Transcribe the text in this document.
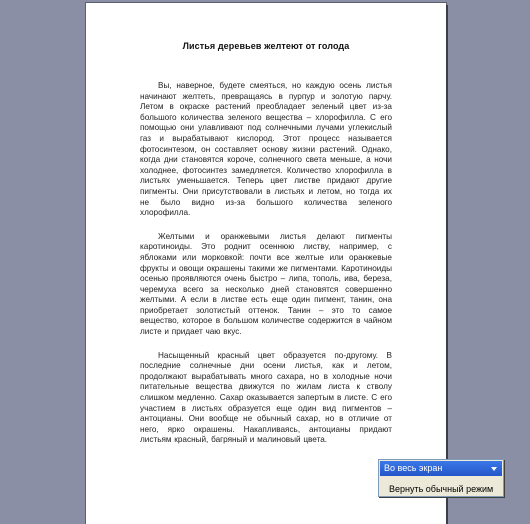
Листья деревьев желтеют от голода

Вы, наверное, будете смеяться, но каждую осень листья начинают желтеть, превращаясь в пурпур и золотую парчу. Летом в окраске растений преобладает зеленый цвет из-за большого количества зеленого вещества – хлорофилла. С его помощью они улавливают под солнечными лучами углекислый газ и вырабатывают кислород. Этот процесс называется фотосинтезом, он составляет основу жизни растений. Однако, когда дни становятся короче, солнечного света меньше, а ночи холоднее, фотосинтез замедляется. Количество хлорофилла в листьях уменьшается. Теперь цвет листве придают другие пигменты. Они присутствовали в листьях и летом, но тогда их не было видно из-за большого количества зеленого хлорофилла.

Желтыми и оранжевыми листья делают пигменты каротиноиды. Это роднит осеннюю листву, например, с яблоками или морковкой: почти все желтые или оранжевые фрукты и овощи окрашены такими же пигментами. Каротиноиды осенью проявляются очень быстро – липа, тополь, ива, береза, черемуха всего за несколько дней становятся совершенно желтыми. А если в листве есть еще один пигмент, танин, она приобретает золотистый оттенок. Танин – это то самое вещество, которое в большом количестве содержится в чайном листе и придает чаю вкус.

Насыщенный красный цвет образуется по-другому. В последние солнечные дни осени листья, как и летом, продолжают вырабатывать много сахара, но в холодные ночи питательные вещества движутся по жилам листа к стволу слишком медленно. Сахар оказывается запертым в листе. С его участием в листьях образуется еще один вид пигментов – антоцианы. Они вообще не обычный сахар, но в отличие от него, ярко окрашены. Накапливаясь, антоцианы придают листьям красный, багряный и малиновый цвета.

Во весь экран
Вернуть обычный режим
